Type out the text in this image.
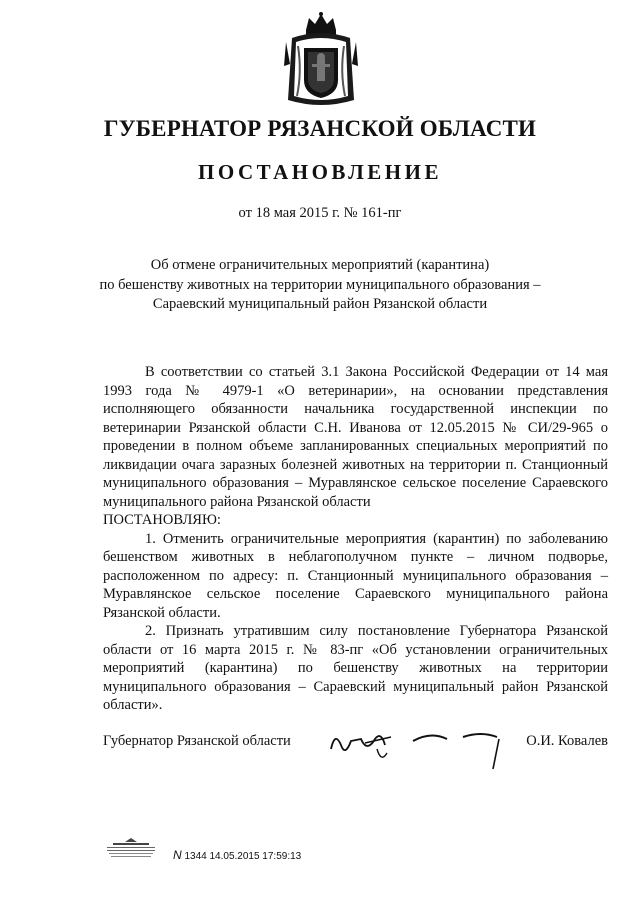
ГУБЕРНАТОР РЯЗАНСКОЙ ОБЛАСТИ
ПОСТАНОВЛЕНИЕ
от 18 мая 2015 г. № 161-пг
Об отмене ограничительных мероприятий (карантина)
по бешенству животных на территории муниципального образования –
Сараевский муниципальный район Рязанской области

В соответствии со статьей 3.1 Закона Российской Федерации от 14 мая 1993 года № 4979-1 «О ветеринарии», на основании представления исполняющего обязанности начальника государственной инспекции по ветеринарии Рязанской области С.Н. Иванова от 12.05.2015 № СИ/29-965 о проведении в полном объеме запланированных специальных мероприятий по ликвидации очага заразных болезней животных на территории п. Станционный муниципального образования – Муравлянское сельское поселение Сараевского муниципального района Рязанской области

ПОСТАНОВЛЯЮ:

1. Отменить ограничительные мероприятия (карантин) по заболеванию бешенством животных в неблагополучном пункте – личном подворье, расположенном по адресу: п. Станционный муниципального образования – Муравлянское сельское поселение Сараевского муниципального района Рязанской области.

2. Признать утратившим силу постановление Губернатора Рязанской области от 16 марта 2015 г. № 83-пг «Об установлении ограничительных мероприятий (карантина) по бешенству животных на территории муниципального образования – Сараевский муниципальный район Рязанской области».

Губернатор Рязанской области	О.И. Ковалев
N 1344 14.05.2015 17:59:13
